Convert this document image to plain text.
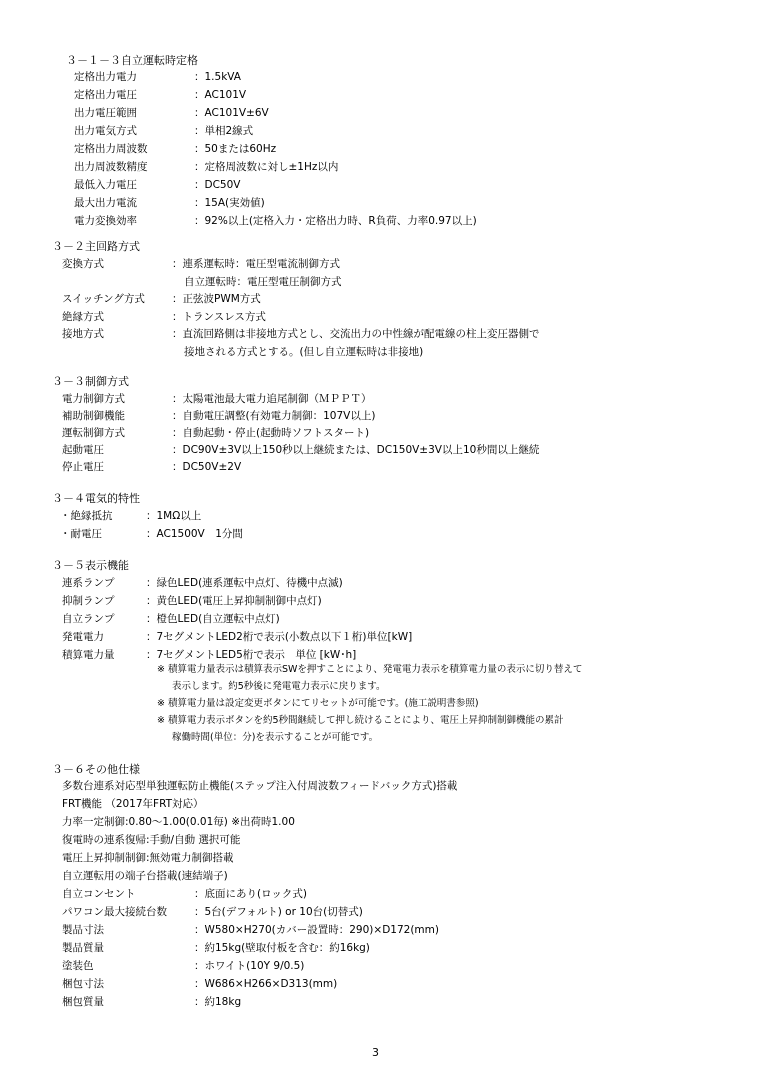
３－１－３自立運転時定格
定格出力電力	：1.5kVA
定格出力電圧	：AC101V
出力電圧範囲	：AC101V±6V
出力電気方式	：単相2線式
定格出力周波数	：50または60Hz
出力周波数精度	：定格周波数に対し±1Hz以内
最低入力電圧	：DC50V
最大出力電流	：15A(実効値)
電力変換効率	：92%以上(定格入力・定格出力時、R負荷、力率0.97以上)
３－２主回路方式
変換方式	：連系運転時：電圧型電流制御方式
自立運転時：電圧型電圧制御方式
スイッチング方式	：正弦波PWM方式
絶縁方式	：トランスレス方式
接地方式	：直流回路側は非接地方式とし、交流出力の中性線が配電線の柱上変圧器側で
接地される方式とする。(但し自立運転時は非接地)
３－３制御方式
電力制御方式	：太陽電池最大電力追尾制御（ＭＰＰＴ）
補助制御機能	：自動電圧調整(有効電力制御：107V以上)
運転制御方式	：自動起動・停止(起動時ソフトスタート)
起動電圧	：DC90V±3V以上150秒以上継続または、DC150V±3V以上10秒間以上継続
停止電圧	：DC50V±2V
３－４電気的特性
・絶縁抵抗	：1MΩ以上
・耐電圧	：AC1500V　1分間
３－５表示機能
連系ランプ	：緑色LED(連系運転中点灯、待機中点滅)
抑制ランプ	：黄色LED(電圧上昇抑制制御中点灯)
自立ランプ	：橙色LED(自立運転中点灯)
発電電力	：7セグメントLED2桁で表示(小数点以下１桁)単位[kW]
積算電力量	：7セグメントLED5桁で表示　単位 [kW･h]
※ 積算電力量表示は積算表示SWを押すことにより、発電電力表示を積算電力量の表示に切り替えて
表示します。約5秒後に発電電力表示に戻ります。
※ 積算電力量は設定変更ボタンにてリセットが可能です。(施工説明書参照)
※ 積算電力表示ボタンを約5秒間継続して押し続けることにより、電圧上昇抑制制御機能の累計
稼働時間(単位：分)を表示することが可能です。
３－６その他仕様
多数台連系対応型単独運転防止機能(ステップ注入付周波数フィードバック方式)搭載
FRT機能 （2017年FRT対応）
力率一定制御:0.80～1.00(0.01毎) ※出荷時1.00
復電時の連系復帰:手動/自動 選択可能
電圧上昇抑制制御:無効電力制御搭載
自立運転用の端子台搭載(速結端子)
自立コンセント	：底面にあり(ロック式)
パワコン最大接続台数	：5台(デフォルト) or 10台(切替式)
製品寸法	：W580×H270(カバー設置時：290)×D172(mm)
製品質量	：約15kg(壁取付板を含む：約16kg)
塗装色	：ホワイト(10Y 9/0.5)
梱包寸法	：W686×H266×D313(mm)
梱包質量	：約18kg
3
